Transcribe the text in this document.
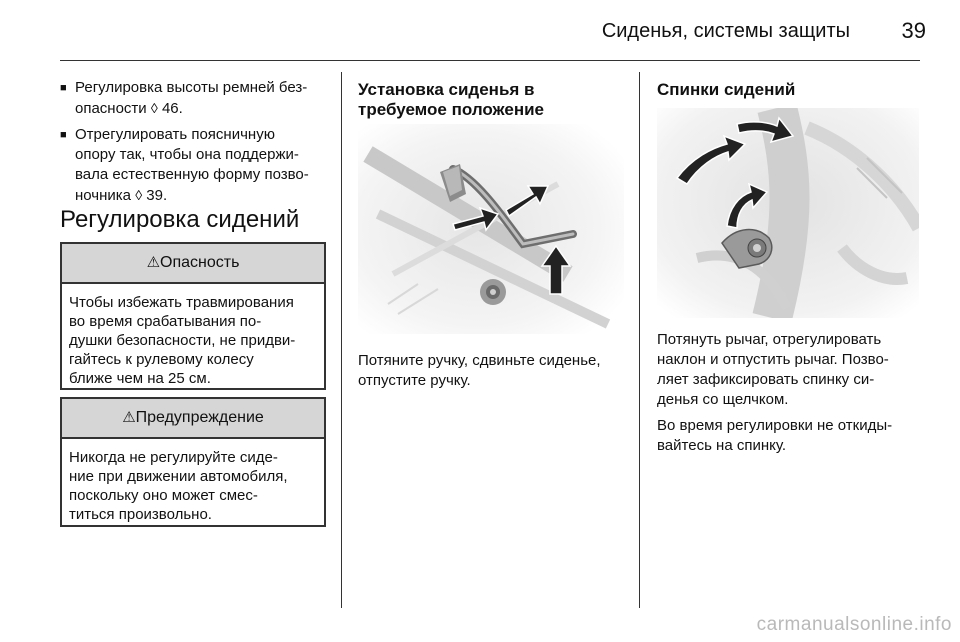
Сиденья, системы защиты	39
■ Регулировка высоты ремней без-
опасности ◊ 46.
■ Отрегулировать поясничную
опору так, чтобы она поддержи-
вала естественную форму позво-
ночника ◊ 39.
Регулировка сидений
⚠Опасность
Чтобы избежать травмирования
во время срабатывания по-
душки безопасности, не придви-
гайтесь к рулевому колесу
ближе чем на 25 см.
⚠Предупреждение
Никогда не регулируйте сиде-
ние при движении автомобиля,
поскольку оно может смес-
титься произвольно.
Установка сиденья в
требуемое положение
Потяните ручку, сдвиньте сиденье,
отпустите ручку.
Спинки сидений

Потянуть рычаг, отрегулировать
наклон и отпустить рычаг. Позво-
ляет зафиксировать спинку си-
денья со щелчком.

Во время регулировки не откиды-
вайтесь на спинку.

carmanualsonline.info
